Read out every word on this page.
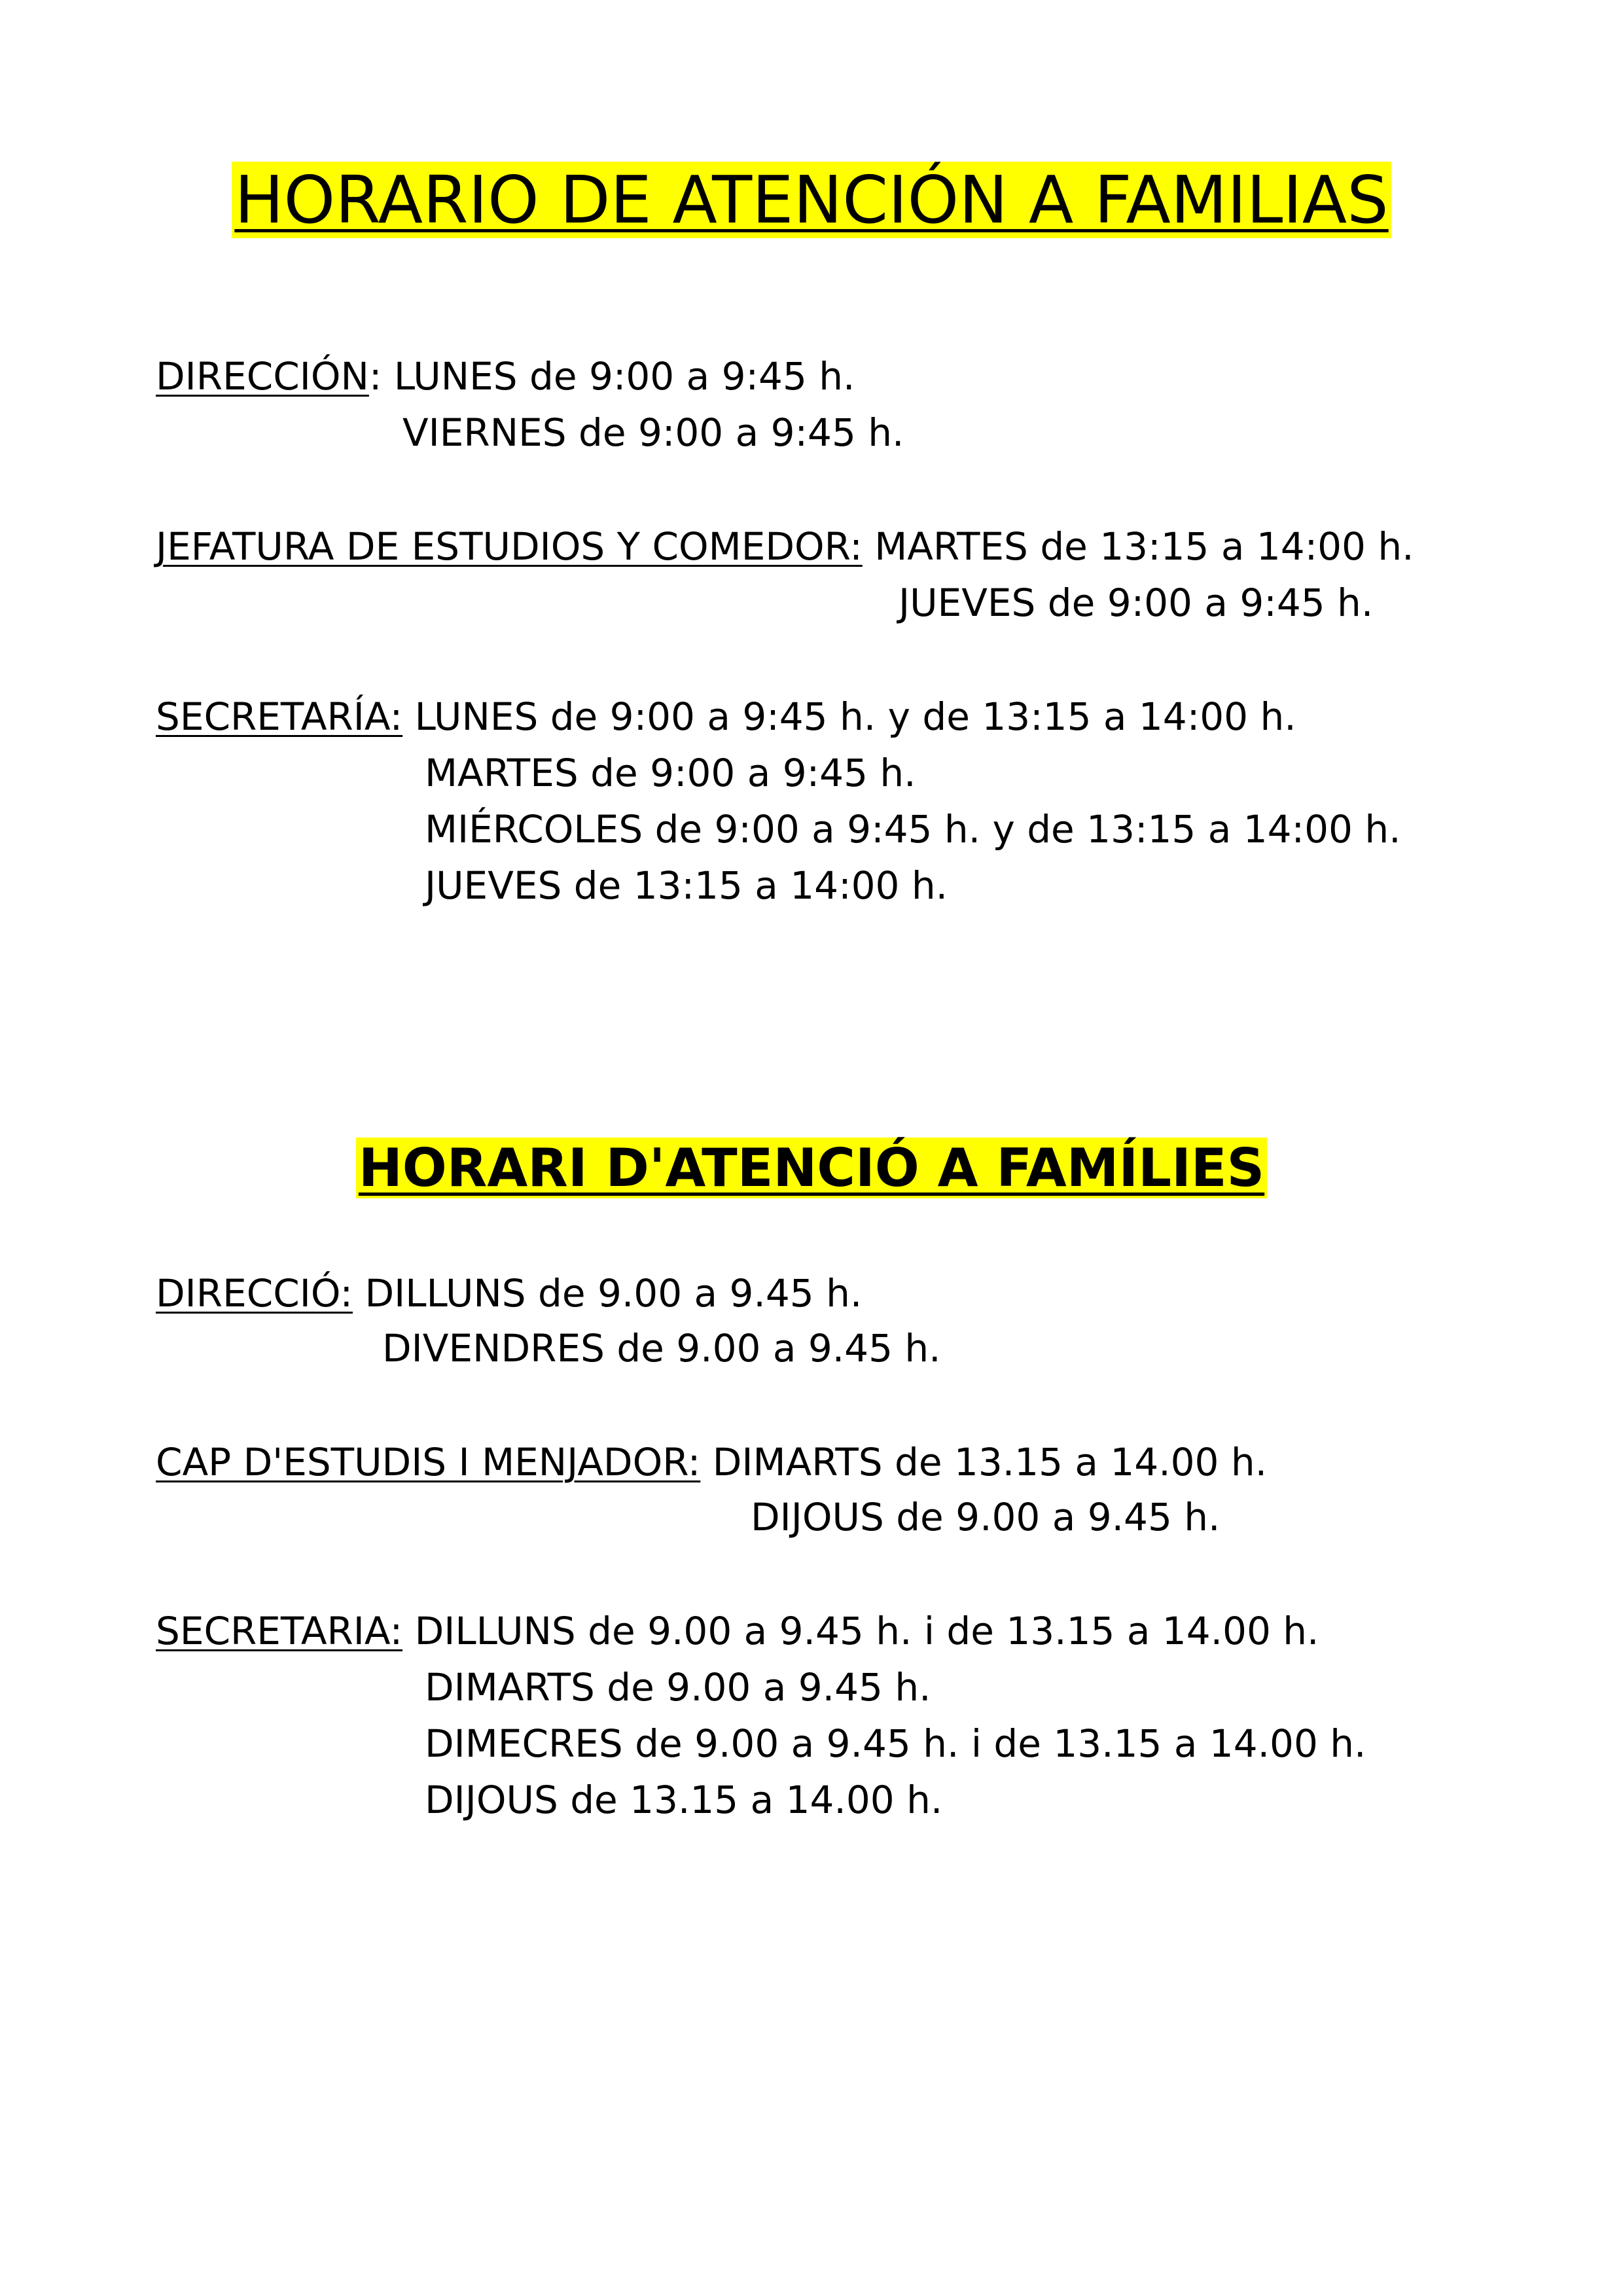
HORARIO DE ATENCIÓN A FAMILIAS
DIRECCIÓN: LUNES de 9:00 a 9:45 h.
VIERNES de 9:00 a 9:45 h.
JEFATURA DE ESTUDIOS Y COMEDOR: MARTES de 13:15 a 14:00 h.
JUEVES de 9:00 a 9:45 h.
SECRETARÍA: LUNES de 9:00 a 9:45 h. y de 13:15 a 14:00 h.
MARTES de 9:00 a 9:45 h.
MIÉRCOLES de 9:00 a 9:45 h. y de 13:15 a 14:00 h.
JUEVES de 13:15 a 14:00 h.
HORARI D'ATENCIÓ A FAMÍLIES
DIRECCIÓ: DILLUNS de 9.00 a 9.45 h.
DIVENDRES de 9.00 a 9.45 h.
CAP D'ESTUDIS I MENJADOR: DIMARTS de 13.15 a 14.00 h.
DIJOUS de 9.00 a 9.45 h.
SECRETARIA: DILLUNS de 9.00 a 9.45 h. i de 13.15 a 14.00 h.
DIMARTS de 9.00 a 9.45 h.
DIMECRES de 9.00 a 9.45 h. i de 13.15 a 14.00 h.
DIJOUS de 13.15 a 14.00 h.
